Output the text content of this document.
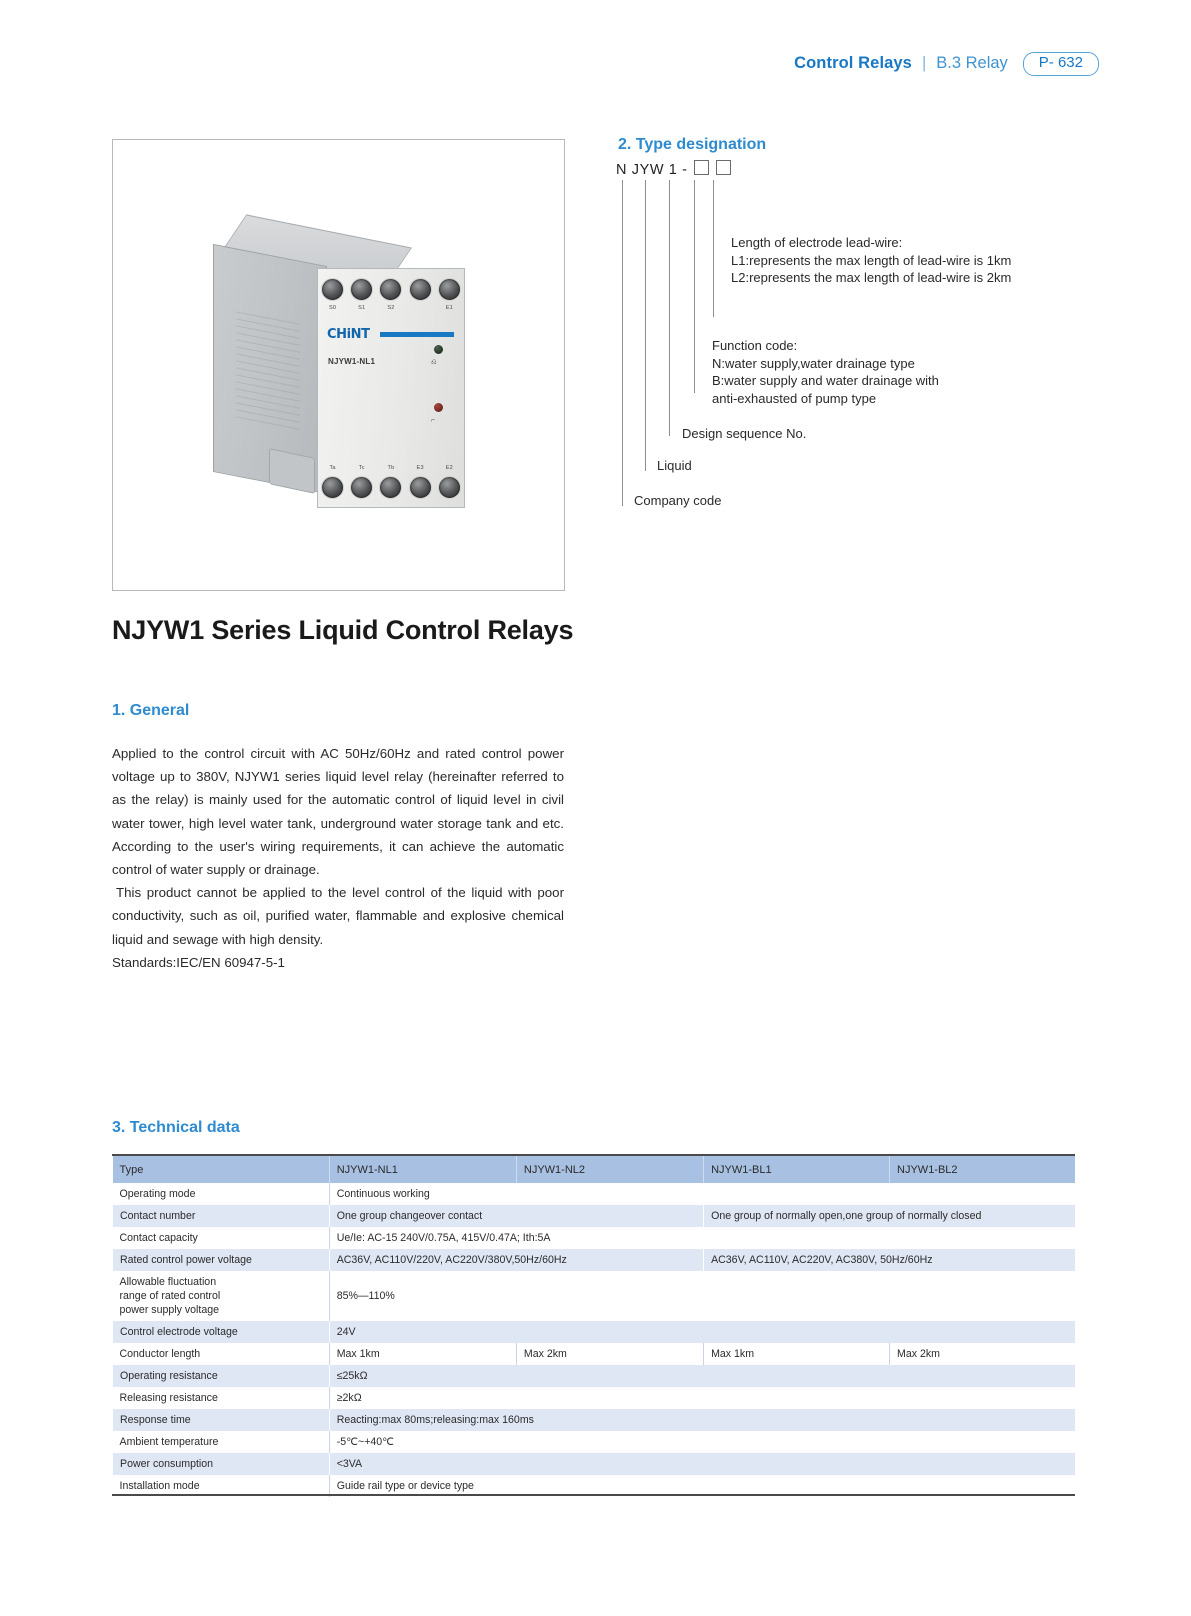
Control Relays | B.3 Relay	P- 632
S0	S1	S2	E1
CHiNT
NJYW1-NL1	⎌
⌐
Ta	Tc	Tb	E3	E2
NJYW1 Series Liquid Control Relays
1. General

Applied to the control circuit with AC 50Hz/60Hz and rated control power voltage up to 380V, NJYW1 series liquid level relay (hereinafter referred to as the relay) is mainly used for the automatic control of liquid level in civil water tower, high level water tank, underground water storage tank and etc. According to the user's wiring requirements, it can achieve the automatic control of water supply or drainage.

This product cannot be applied to the level control of the liquid with poor conductivity, such as oil, purified water, flammable and explosive chemical liquid and sewage with high density.

Standards:IEC/EN 60947-5-1

2. Type designation
N JYW 1 -
Length of electrode lead-wire:
L1:represents the max length of lead-wire is 1km
L2:represents the max length of lead-wire is 2km
Function code:
N:water supply,water drainage type
B:water supply and water drainage with
anti-exhausted of pump type
Design sequence No.
Liquid
Company code
3. Technical data
Type	NJYW1-NL1	NJYW1-NL2	NJYW1-BL1	NJYW1-BL2
Operating mode	Continuous working			
Contact number	One group changeover contact		One group of normally open,one group of normally closed	
Contact capacity	Ue/Ie: AC-15 240V/0.75A, 415V/0.47A; Ith:5A			
Rated control power voltage	AC36V, AC110V/220V, AC220V/380V,50Hz/60Hz		AC36V, AC110V, AC220V, AC380V, 50Hz/60Hz	
Allowable fluctuation
range of rated control
power supply voltage	85%—110%			
Control electrode voltage	24V			
Conductor length	Max 1km	Max 2km	Max 1km	Max 2km
Operating resistance	≤25kΩ			
Releasing resistance	≥2kΩ			
Response time	Reacting:max 80ms;releasing:max 160ms			
Ambient temperature	-5℃~+40℃			
Power consumption	<3VA			
Installation mode	Guide rail type or device type			
